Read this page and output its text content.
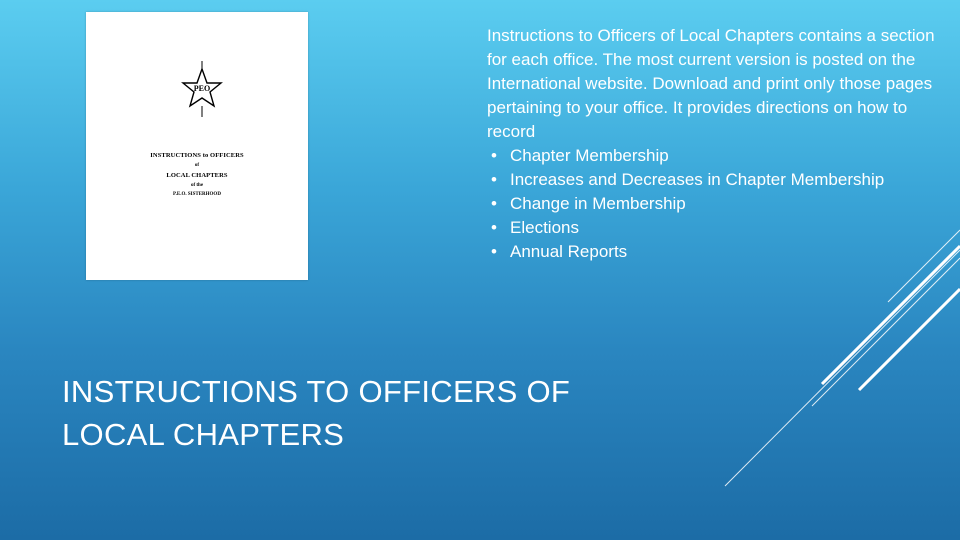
PEO
INSTRUCTIONS to OFFICERS
of
LOCAL CHAPTERS
of the
P.E.O. SISTERHOOD

Instructions to Officers of Local Chapters contains a section for each office. The most current version is posted on the International website. Download and print only those pages pertaining to your office. It provides directions on how to record

• Chapter Membership
• Increases and Decreases in Chapter Membership
• Change in Membership
• Elections
• Annual Reports
INSTRUCTIONS TO OFFICERS OF
LOCAL CHAPTERS
